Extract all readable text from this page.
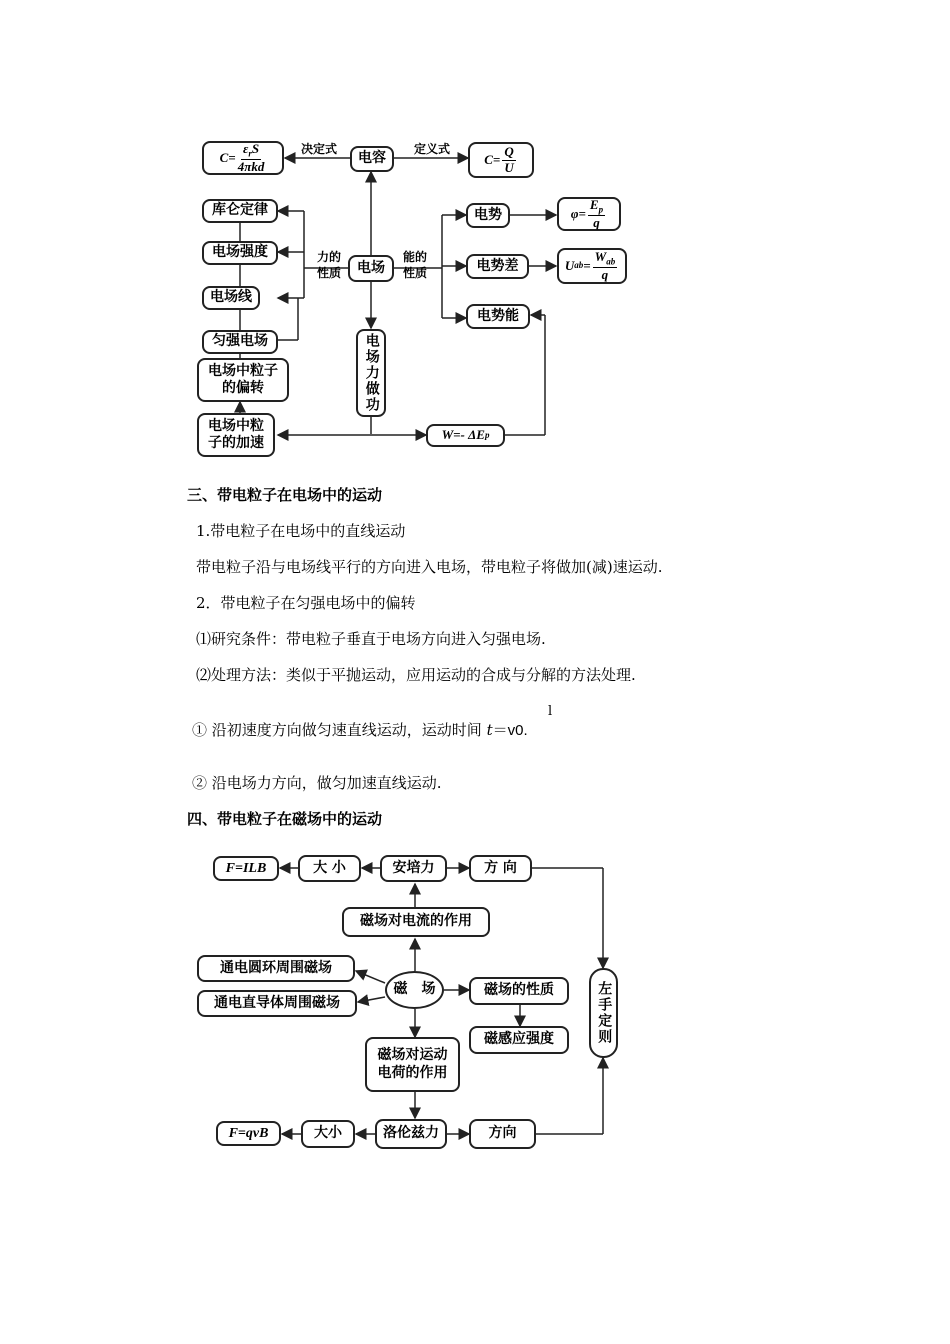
$C= \frac{\varepsilon_rS}{\text{4πkd}}$	决定式
电容
定义式
$C= \frac{Q}{U}$
库仑定律
电场强度
电场线
匀强电场
电场中粒子
的偏转
电场中粒
子的加速
力的
性质	电场
能的
性质
电场力做功
电势
电势差
电势能
$\varphi= \frac{E_p}{q}$
U ab = $\frac{W_{ab}}{q}$
W=- ΔE p
三、带电粒子在电场中的运动
1.带电粒子在电场中的直线运动
带电粒子沿与电场线平行的方向进入电场，带电粒子将做加(减)速运动.
2．带电粒子在匀强电场中的偏转
⑴研究条件：带电粒子垂直于电场方向进入匀强电场.
⑵处理方法：类似于平抛运动，应用运动的合成与分解的方法处理.
① 沿初速度方向做匀速直线运动，运动时间 t＝v0.
l
② 沿电场力方向，做匀加速直线运动.
四、带电粒子在磁场中的运动
F=ILB	大 小	安培力	方 向
磁场对电流的作用
通电圆环周围磁场
通电直导体周围磁场
磁　场	磁场的性质
磁感应强度	左手定则
磁场对运动
电荷的作用
F=qvB	大小	洛伦兹力	方向
